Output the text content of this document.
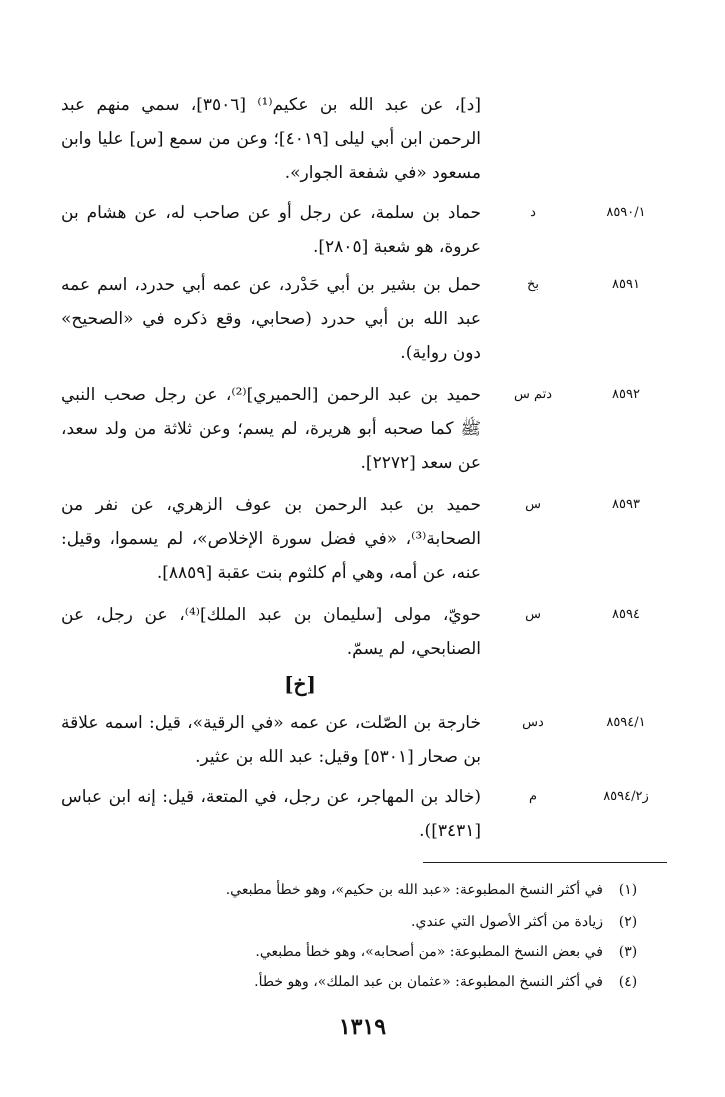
[د]، عن عبد الله بن عكيم⁽¹⁾ [٣٥٠٦]، سمي منهم عبد الرحمن ابن أبي ليلى [٤٠١٩]؛ وعن من سمع [س] عليا وابن مسعود «في شفعة الجوار».
٨٥٩٠/١
د
حماد بن سلمة، عن رجل أو عن صاحب له، عن هشام بن عروة، هو شعبة [٢٨٠٥].
٨٥٩١
بخ
حمل بن بشير بن أبي حَدْرد، عن عمه أبي حدرد، اسم عمه عبد الله بن أبي حدرد (صحابي، وقع ذكره في «الصحيح» دون رواية).
٨٥٩٢
دتم س
حميد بن عبد الرحمن [الحميري]⁽²⁾، عن رجل صحب النبي ﷺ كما صحبه أبو هريرة، لم يسم؛ وعن ثلاثة من ولد سعد، عن سعد [٢٢٧٢].
٨٥٩٣
س
حميد بن عبد الرحمن بن عوف الزهري، عن نفر من الصحابة⁽³⁾، «في فضل سورة الإخلاص»، لم يسموا، وقيل: عنه، عن أمه، وهي أم كلثوم بنت عقبة [٨٨٥٩].
٨٥٩٤
س
حويّ، مولى [سليمان بن عبد الملك]⁽⁴⁾، عن رجل، عن الصنابحي، لم يسمّ.
[خ]
٨٥٩٤/١
دس
خارجة بن الصّلت، عن عمه «في الرقية»، قيل: اسمه علاقة بن صحار [٥٣٠١] وقيل: عبد الله بن عثير.
ز٨٥٩٤/٢
م
(خالد بن المهاجر، عن رجل، في المتعة، قيل: إنه ابن عباس [٣٤٣١]).
(١)
في أكثر النسخ المطبوعة: «عبد الله بن حكيم»، وهو خطأ مطبعي.
(٢)
زيادة من أكثر الأصول التي عندي.
(٣)
في بعض النسخ المطبوعة: «من أصحابه»، وهو خطأ مطبعي.
(٤)
في أكثر النسخ المطبوعة: «عثمان بن عبد الملك»، وهو خطأ.
١٣١٩
